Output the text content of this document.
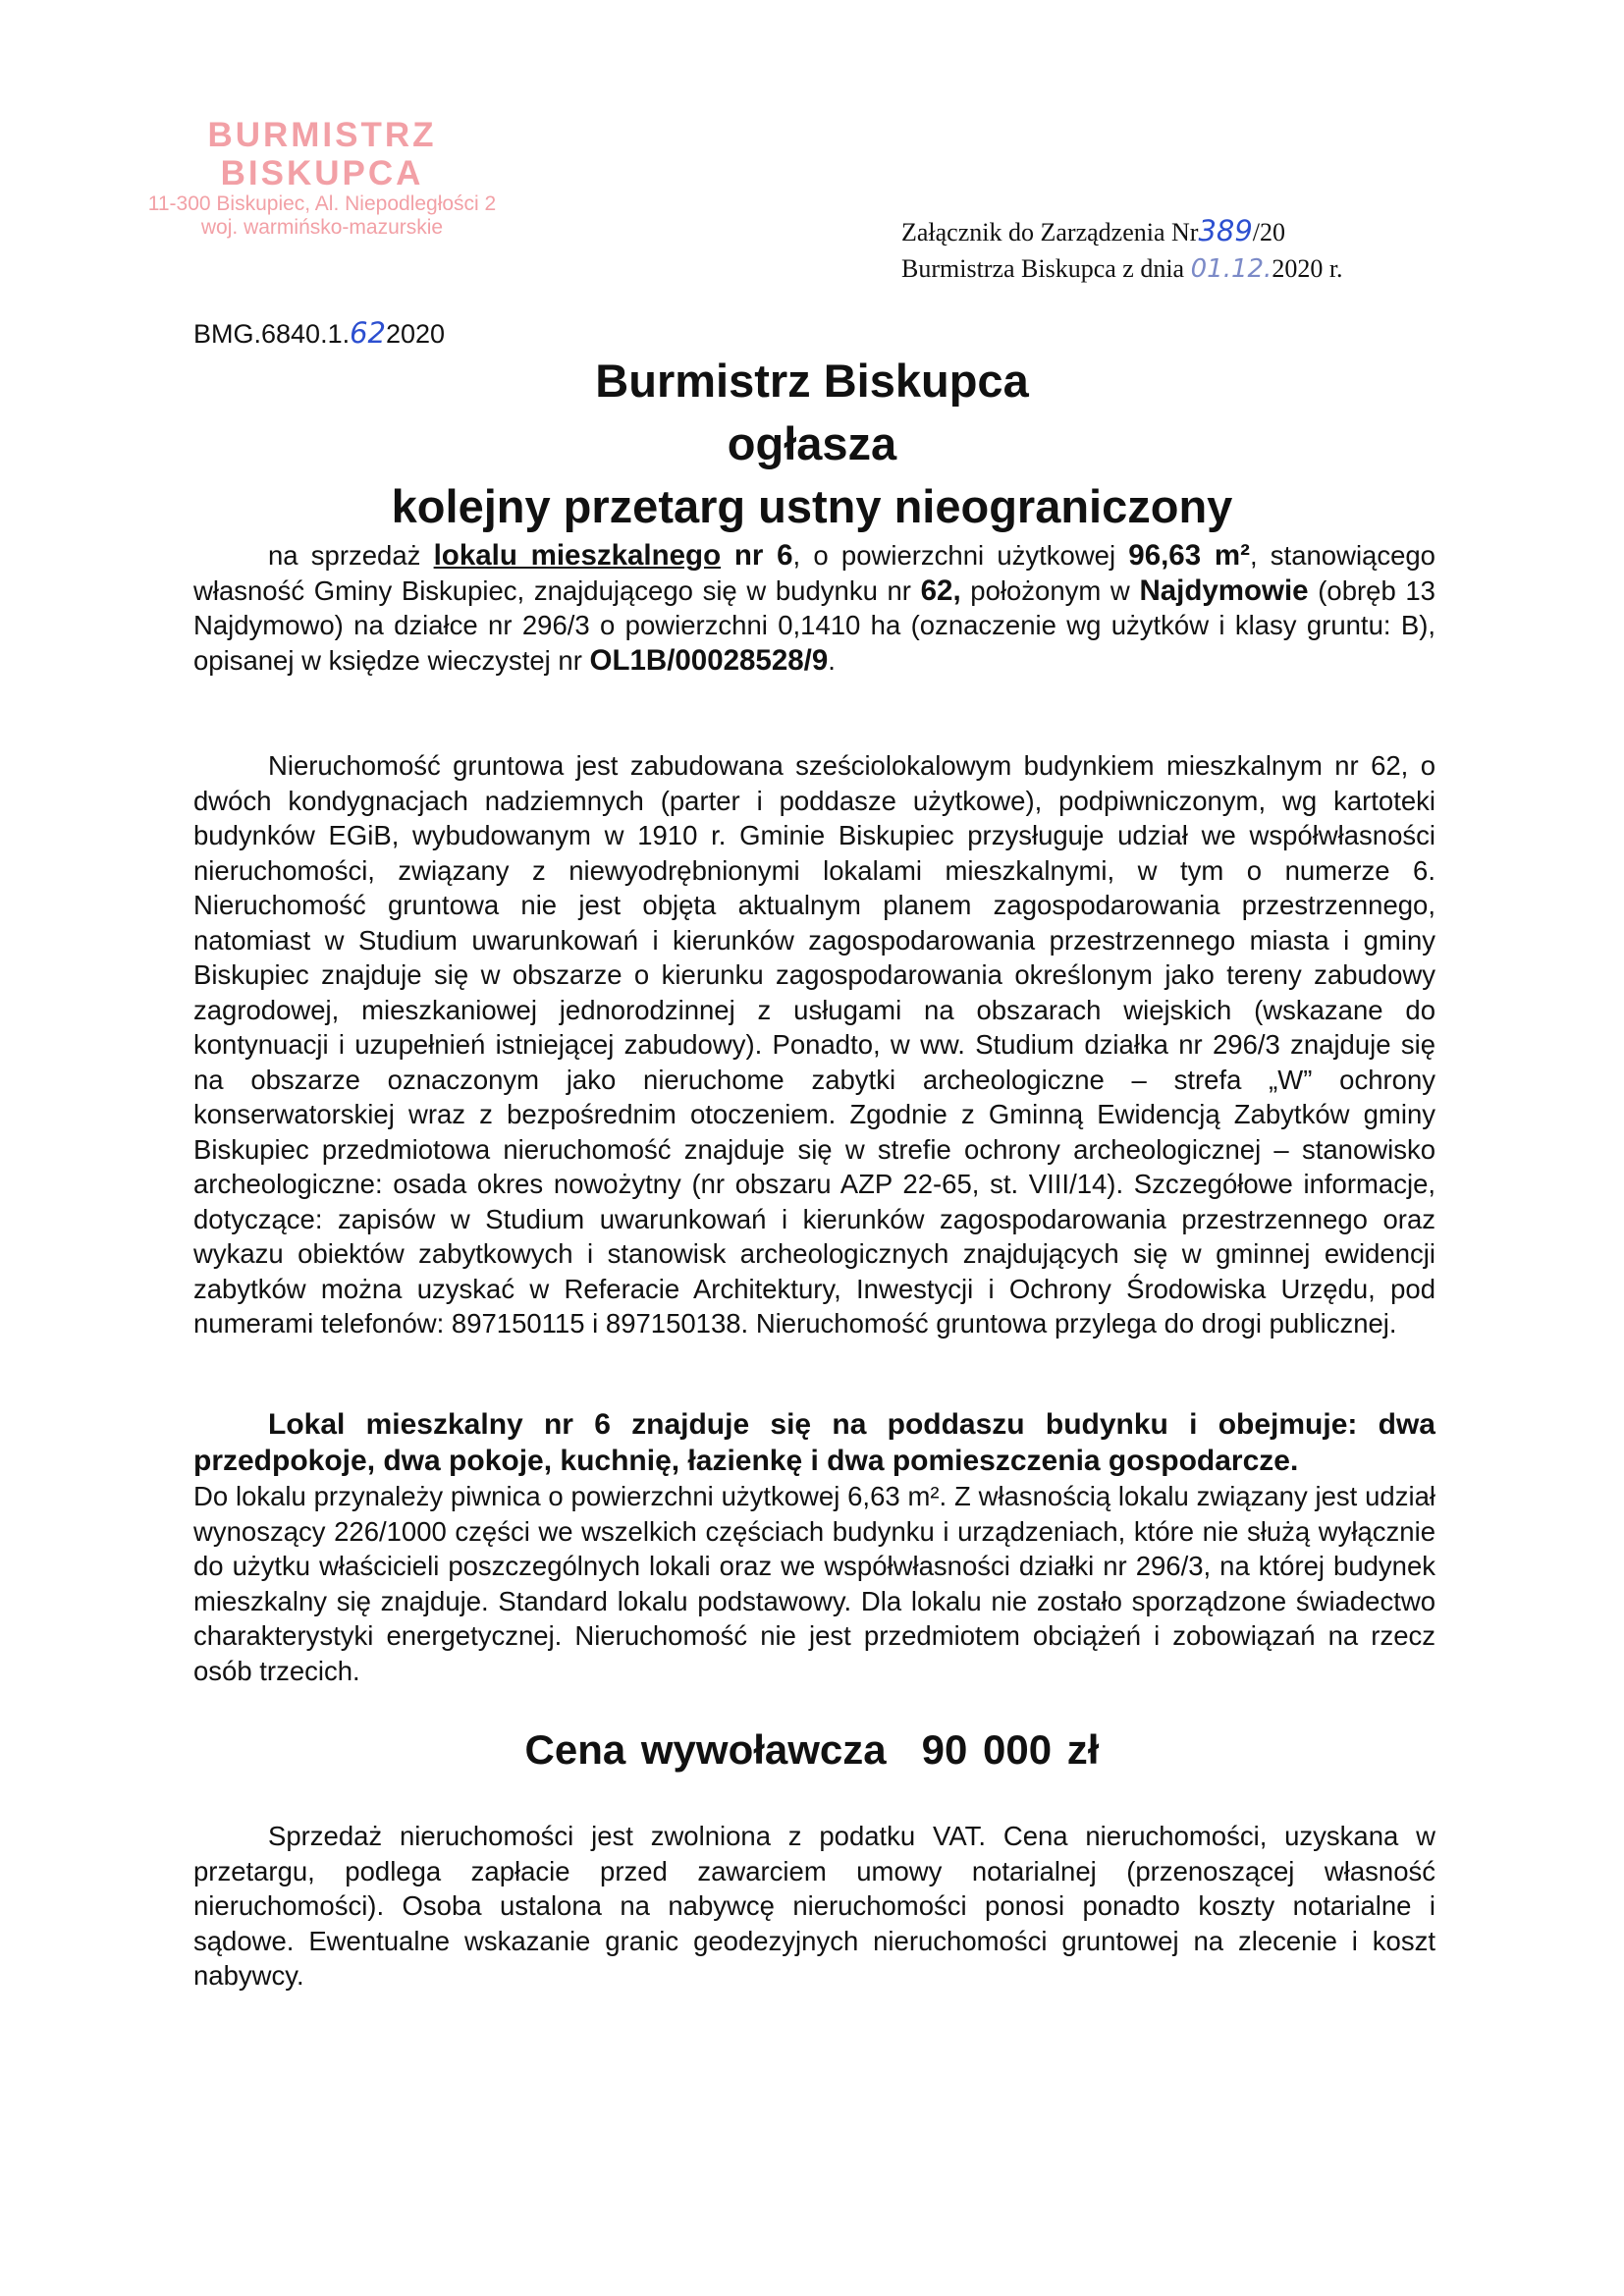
BURMISTRZ BISKUPCA
11-300 Biskupiec, Al. Niepodległości 2
woj. warmińsko-mazurskie	Załącznik do Zarządzenia Nr389/20
Burmistrza Biskupca z dnia 01.12.2020 r.
BMG.6840.1.622020
Burmistrz Biskupca
ogłasza
kolejny przetarg ustny nieograniczony

na sprzedaż lokalu mieszkalnego nr 6, o powierzchni użytkowej 96,63 m², stanowiącego własność Gminy Biskupiec, znajdującego się w budynku nr 62, położonym w Najdymowie (obręb 13 Najdymowo) na działce nr 296/3 o powierzchni 0,1410 ha (oznaczenie wg użytków i klasy gruntu: B), opisanej w księdze wieczystej nr OL1B/00028528/9.

Nieruchomość gruntowa jest zabudowana sześciolokalowym budynkiem mieszkalnym nr 62, o dwóch kondygnacjach nadziemnych (parter i poddasze użytkowe), podpiwniczonym, wg kartoteki budynków EGiB, wybudowanym w 1910 r. Gminie Biskupiec przysługuje udział we współwłasności nieruchomości, związany z niewyodrębnionymi lokalami mieszkalnymi, w tym o numerze 6. Nieruchomość gruntowa nie jest objęta aktualnym planem zagospodarowania przestrzennego, natomiast w Studium uwarunkowań i kierunków zagospodarowania przestrzennego miasta i gminy Biskupiec znajduje się w obszarze o kierunku zagospodarowania określonym jako tereny zabudowy zagrodowej, mieszkaniowej jednorodzinnej z usługami na obszarach wiejskich (wskazane do kontynuacji i uzupełnień istniejącej zabudowy). Ponadto, w ww. Studium działka nr 296/3 znajduje się na obszarze oznaczonym jako nieruchome zabytki archeologiczne – strefa „W” ochrony konserwatorskiej wraz z bezpośrednim otoczeniem. Zgodnie z Gminną Ewidencją Zabytków gminy Biskupiec przedmiotowa nieruchomość znajduje się w strefie ochrony archeologicznej – stanowisko archeologiczne: osada okres nowożytny (nr obszaru AZP 22-65, st. VIII/14). Szczegółowe informacje, dotyczące: zapisów w Studium uwarunkowań i kierunków zagospodarowania przestrzennego oraz wykazu obiektów zabytkowych i stanowisk archeologicznych znajdujących się w gminnej ewidencji zabytków można uzyskać w Referacie Architektury, Inwestycji i Ochrony Środowiska Urzędu, pod numerami telefonów: 897150115 i 897150138. Nieruchomość gruntowa przylega do drogi publicznej.

Lokal mieszkalny nr 6 znajduje się na poddaszu budynku i obejmuje: dwa przedpokoje, dwa pokoje, kuchnię, łazienkę i dwa pomieszczenia gospodarcze.

Do lokalu przynależy piwnica o powierzchni użytkowej 6,63 m². Z własnością lokalu związany jest udział wynoszący 226/1000 części we wszelkich częściach budynku i urządzeniach, które nie służą wyłącznie do użytku właścicieli poszczególnych lokali oraz we współwłasności działki nr 296/3, na której budynek mieszkalny się znajduje. Standard lokalu podstawowy. Dla lokalu nie zostało sporządzone świadectwo charakterystyki energetycznej. Nieruchomość nie jest przedmiotem obciążeń i zobowiązań na rzecz osób trzecich.

Cena wywoławcza 90 000 zł

Sprzedaż nieruchomości jest zwolniona z podatku VAT. Cena nieruchomości, uzyskana w przetargu, podlega zapłacie przed zawarciem umowy notarialnej (przenoszącej własność nieruchomości). Osoba ustalona na nabywcę nieruchomości ponosi ponadto koszty notarialne i sądowe. Ewentualne wskazanie granic geodezyjnych nieruchomości gruntowej na zlecenie i koszt nabywcy.
